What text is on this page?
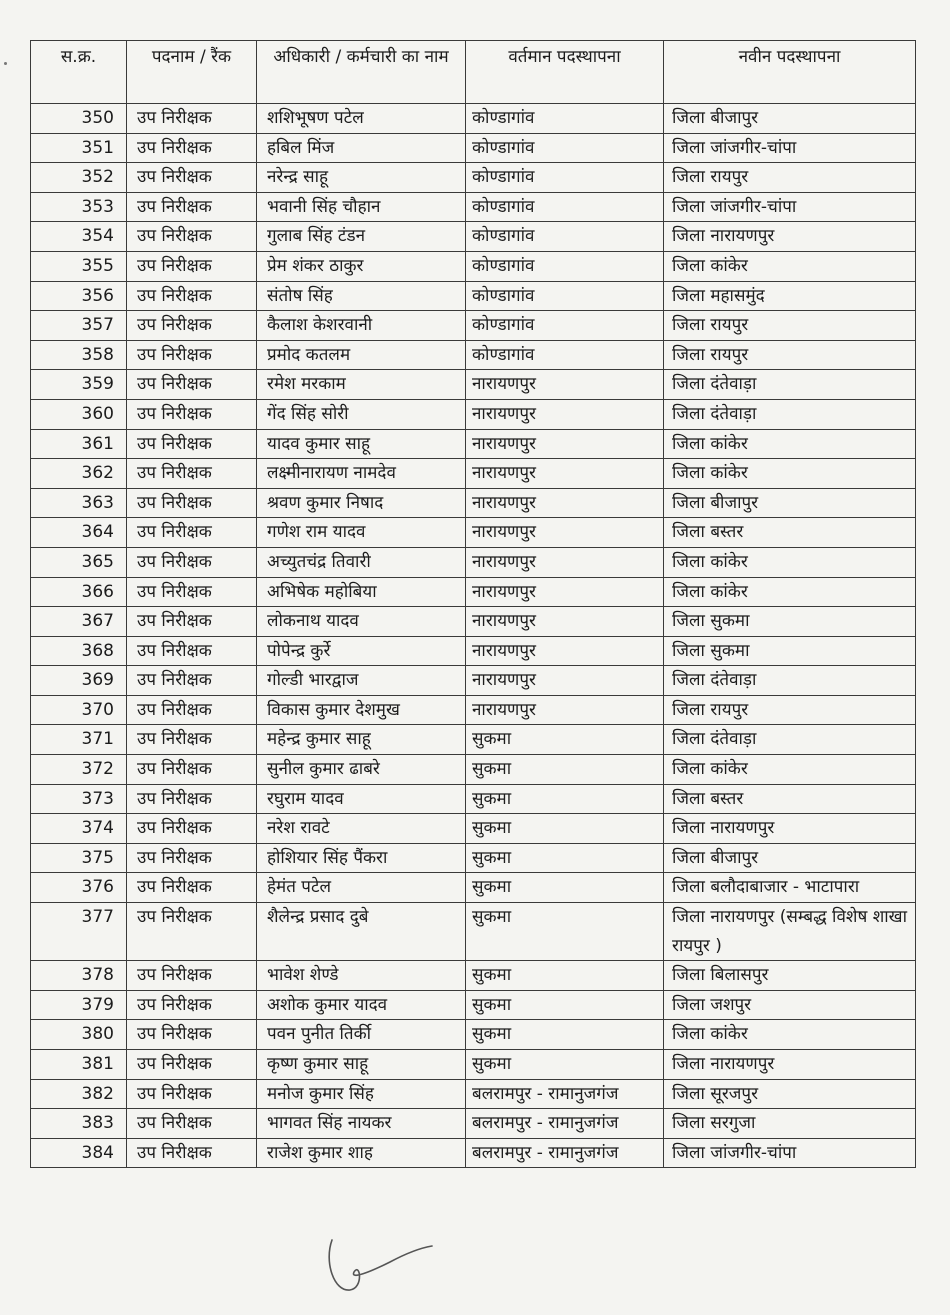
स.क्र.	पदनाम / रैंक	अधिकारी / कर्मचारी का नाम	वर्तमान पदस्थापना	नवीन पदस्थापना
350	उप निरीक्षक	शशिभूषण पटेल	कोण्डागांव	जिला बीजापुर
351	उप निरीक्षक	हबिल मिंज	कोण्डागांव	जिला जांजगीर-चांपा
352	उप निरीक्षक	नरेन्द्र साहू	कोण्डागांव	जिला रायपुर
353	उप निरीक्षक	भवानी सिंह चौहान	कोण्डागांव	जिला जांजगीर-चांपा
354	उप निरीक्षक	गुलाब सिंह टंडन	कोण्डागांव	जिला नारायणपुर
355	उप निरीक्षक	प्रेम शंकर ठाकुर	कोण्डागांव	जिला कांकेर
356	उप निरीक्षक	संतोष सिंह	कोण्डागांव	जिला महासमुंद
357	उप निरीक्षक	कैलाश केशरवानी	कोण्डागांव	जिला रायपुर
358	उप निरीक्षक	प्रमोद कतलम	कोण्डागांव	जिला रायपुर
359	उप निरीक्षक	रमेश मरकाम	नारायणपुर	जिला दंतेवाड़ा
360	उप निरीक्षक	गेंद सिंह सोरी	नारायणपुर	जिला दंतेवाड़ा
361	उप निरीक्षक	यादव कुमार साहू	नारायणपुर	जिला कांकेर
362	उप निरीक्षक	लक्ष्मीनारायण नामदेव	नारायणपुर	जिला कांकेर
363	उप निरीक्षक	श्रवण कुमार निषाद	नारायणपुर	जिला बीजापुर
364	उप निरीक्षक	गणेश राम यादव	नारायणपुर	जिला बस्तर
365	उप निरीक्षक	अच्युतचंद्र तिवारी	नारायणपुर	जिला कांकेर
366	उप निरीक्षक	अभिषेक महोबिया	नारायणपुर	जिला कांकेर
367	उप निरीक्षक	लोकनाथ यादव	नारायणपुर	जिला सुकमा
368	उप निरीक्षक	पोपेन्द्र कुर्रे	नारायणपुर	जिला सुकमा
369	उप निरीक्षक	गोल्डी भारद्वाज	नारायणपुर	जिला दंतेवाड़ा
370	उप निरीक्षक	विकास कुमार देशमुख	नारायणपुर	जिला रायपुर
371	उप निरीक्षक	महेन्द्र कुमार साहू	सुकमा	जिला दंतेवाड़ा
372	उप निरीक्षक	सुनील कुमार ढाबरे	सुकमा	जिला कांकेर
373	उप निरीक्षक	रघुराम यादव	सुकमा	जिला बस्तर
374	उप निरीक्षक	नरेश रावटे	सुकमा	जिला नारायणपुर
375	उप निरीक्षक	होशियार सिंह पैंकरा	सुकमा	जिला बीजापुर
376	उप निरीक्षक	हेमंत पटेल	सुकमा	जिला बलौदाबाजार - भाटापारा
377	उप निरीक्षक	शैलेन्द्र प्रसाद दुबे	सुकमा	जिला नारायणपुर (सम्बद्ध विशेष शाखा रायपुर )
378	उप निरीक्षक	भावेश शेण्डे	सुकमा	जिला बिलासपुर
379	उप निरीक्षक	अशोक कुमार यादव	सुकमा	जिला जशपुर
380	उप निरीक्षक	पवन पुनीत तिर्की	सुकमा	जिला कांकेर
381	उप निरीक्षक	कृष्ण कुमार साहू	सुकमा	जिला नारायणपुर
382	उप निरीक्षक	मनोज कुमार सिंह	बलरामपुर - रामानुजगंज	जिला सूरजपुर
383	उप निरीक्षक	भागवत सिंह नायकर	बलरामपुर - रामानुजगंज	जिला सरगुजा
384	उप निरीक्षक	राजेश कुमार शाह	बलरामपुर - रामानुजगंज	जिला जांजगीर-चांपा
